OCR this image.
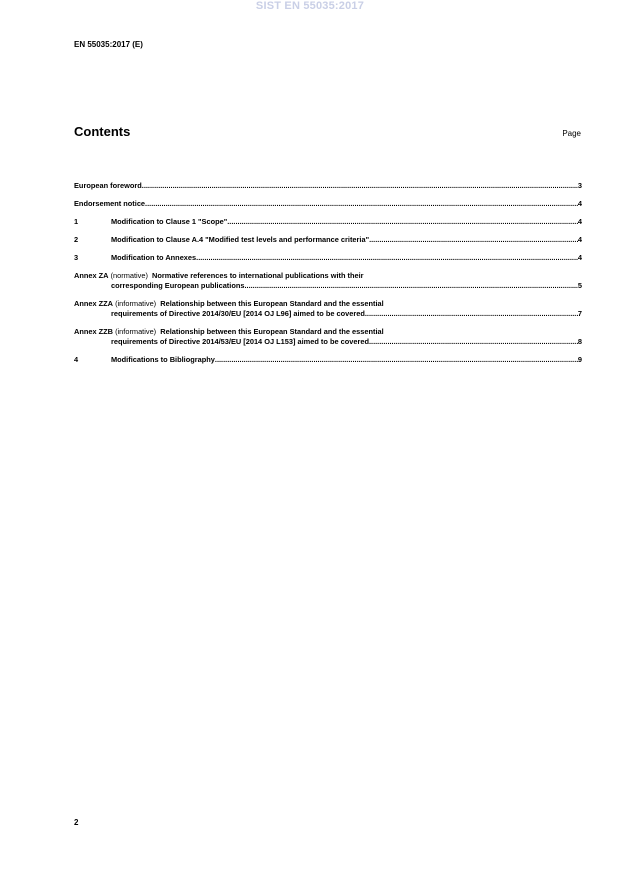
SIST EN 55035:2017
EN 55035:2017 (E)
Contents	Page
European foreword .....	3
Endorsement notice .....	4
1	Modification to Clause 1 "Scope" .....	4
2	Modification to Clause A.4 "Modified test levels and performance criteria" .....	4
3	Modification to Annexes .....	4
Annex ZA
(normative)
Normative references to international publications with their
corresponding European publications .....	5
Annex ZZA
(informative)
Relationship between this European Standard and the essential
requirements of Directive 2014/30/EU [2014 OJ L96] aimed to be covered .....	7
Annex ZZB
(informative)
Relationship between this European Standard and the essential
requirements of Directive 2014/53/EU [2014 OJ L153] aimed to be covered .....	8
4	Modifications to Bibliography .....	9
2
